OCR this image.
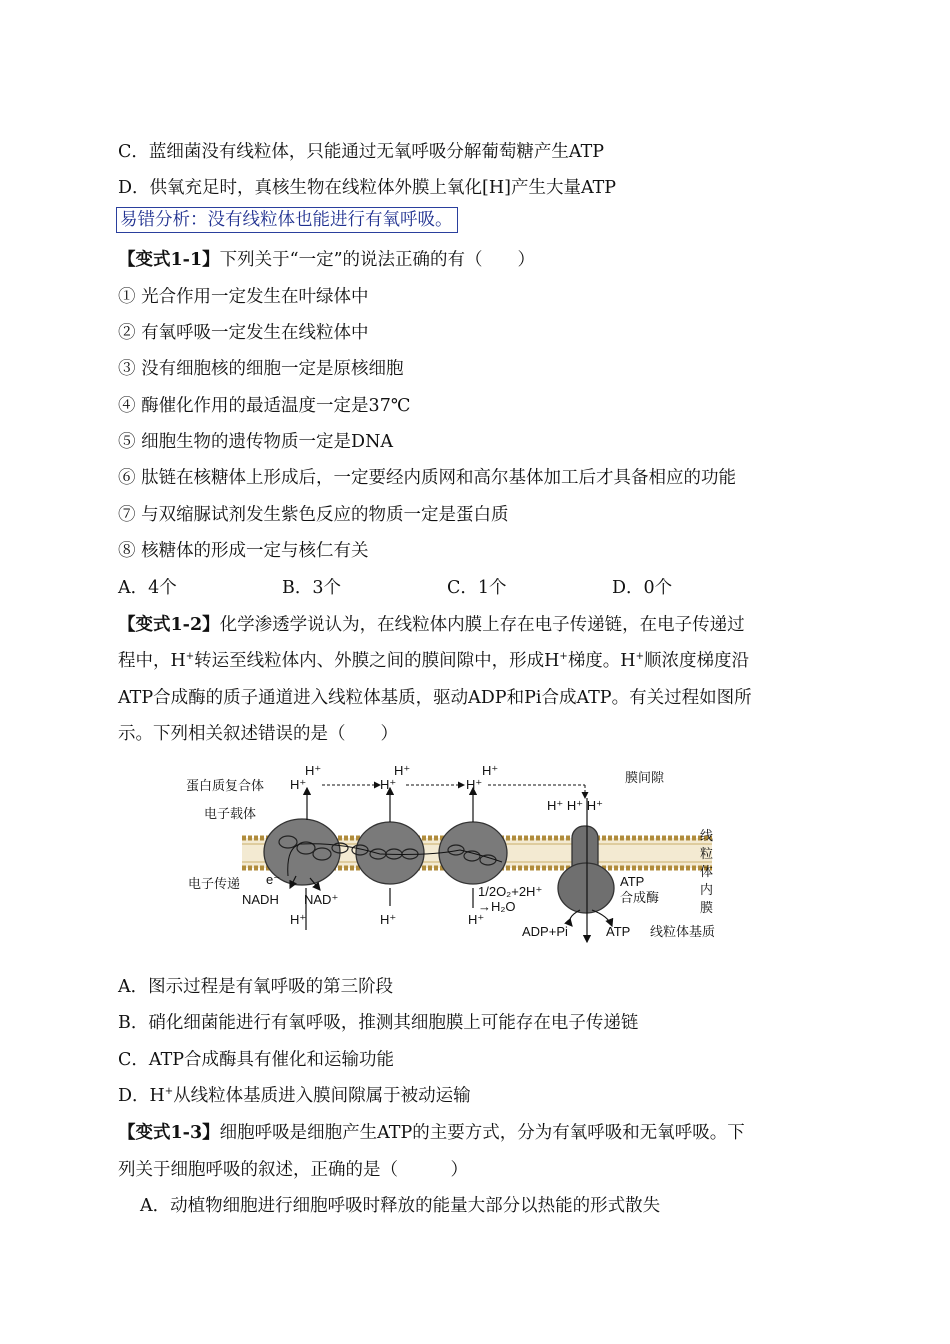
C．蓝细菌没有线粒体，只能通过无氧呼吸分解葡萄糖产生ATP
D．供氧充足时，真核生物在线粒体外膜上氧化[H]产生大量ATP
易错分析：没有线粒体也能进行有氧呼吸。
【变式1-1】下列关于“一定”的说法正确的有（　　）
① 光合作用一定发生在叶绿体中
② 有氧呼吸一定发生在线粒体中
③ 没有细胞核的细胞一定是原核细胞
④ 酶催化作用的最适温度一定是37℃
⑤ 细胞生物的遗传物质一定是DNA
⑥ 肽链在核糖体上形成后，一定要经内质网和高尔基体加工后才具备相应的功能
⑦ 与双缩脲试剂发生紫色反应的物质一定是蛋白质
⑧ 核糖体的形成一定与核仁有关
A．4个	B．3个	C．1个	D．0个
【变式1-2】化学渗透学说认为，在线粒体内膜上存在电子传递链，在电子传递过
程中，H+转运至线粒体内、外膜之间的膜间隙中，形成H+梯度。H+顺浓度梯度沿
ATP合成酶的质子通道进入线粒体基质，驱动ADP和Pi合成ATP。有关过程如图所
示。下列相关叙述错误的是（　　）
蛋白质复合体
电子载体
电子传递
膜间隙
线
粒
体
内
膜
ATP
合成酶
线粒体基质
H⁺
H⁺
H⁺
H⁺
H⁺
H⁺
H⁺ H⁺ H⁺
H⁺	H⁺	H⁺
e⁻
NADH NAD⁺
1/2O₂+2H⁺
→H₂O
ADP+Pi	ATP
A．图示过程是有氧呼吸的第三阶段
B．硝化细菌能进行有氧呼吸，推测其细胞膜上可能存在电子传递链
C．ATP合成酶具有催化和运输功能
D．H+从线粒体基质进入膜间隙属于被动运输
【变式1-3】细胞呼吸是细胞产生ATP的主要方式，分为有氧呼吸和无氧呼吸。下
列关于细胞呼吸的叙述，正确的是（　　　）
A．动植物细胞进行细胞呼吸时释放的能量大部分以热能的形式散失
